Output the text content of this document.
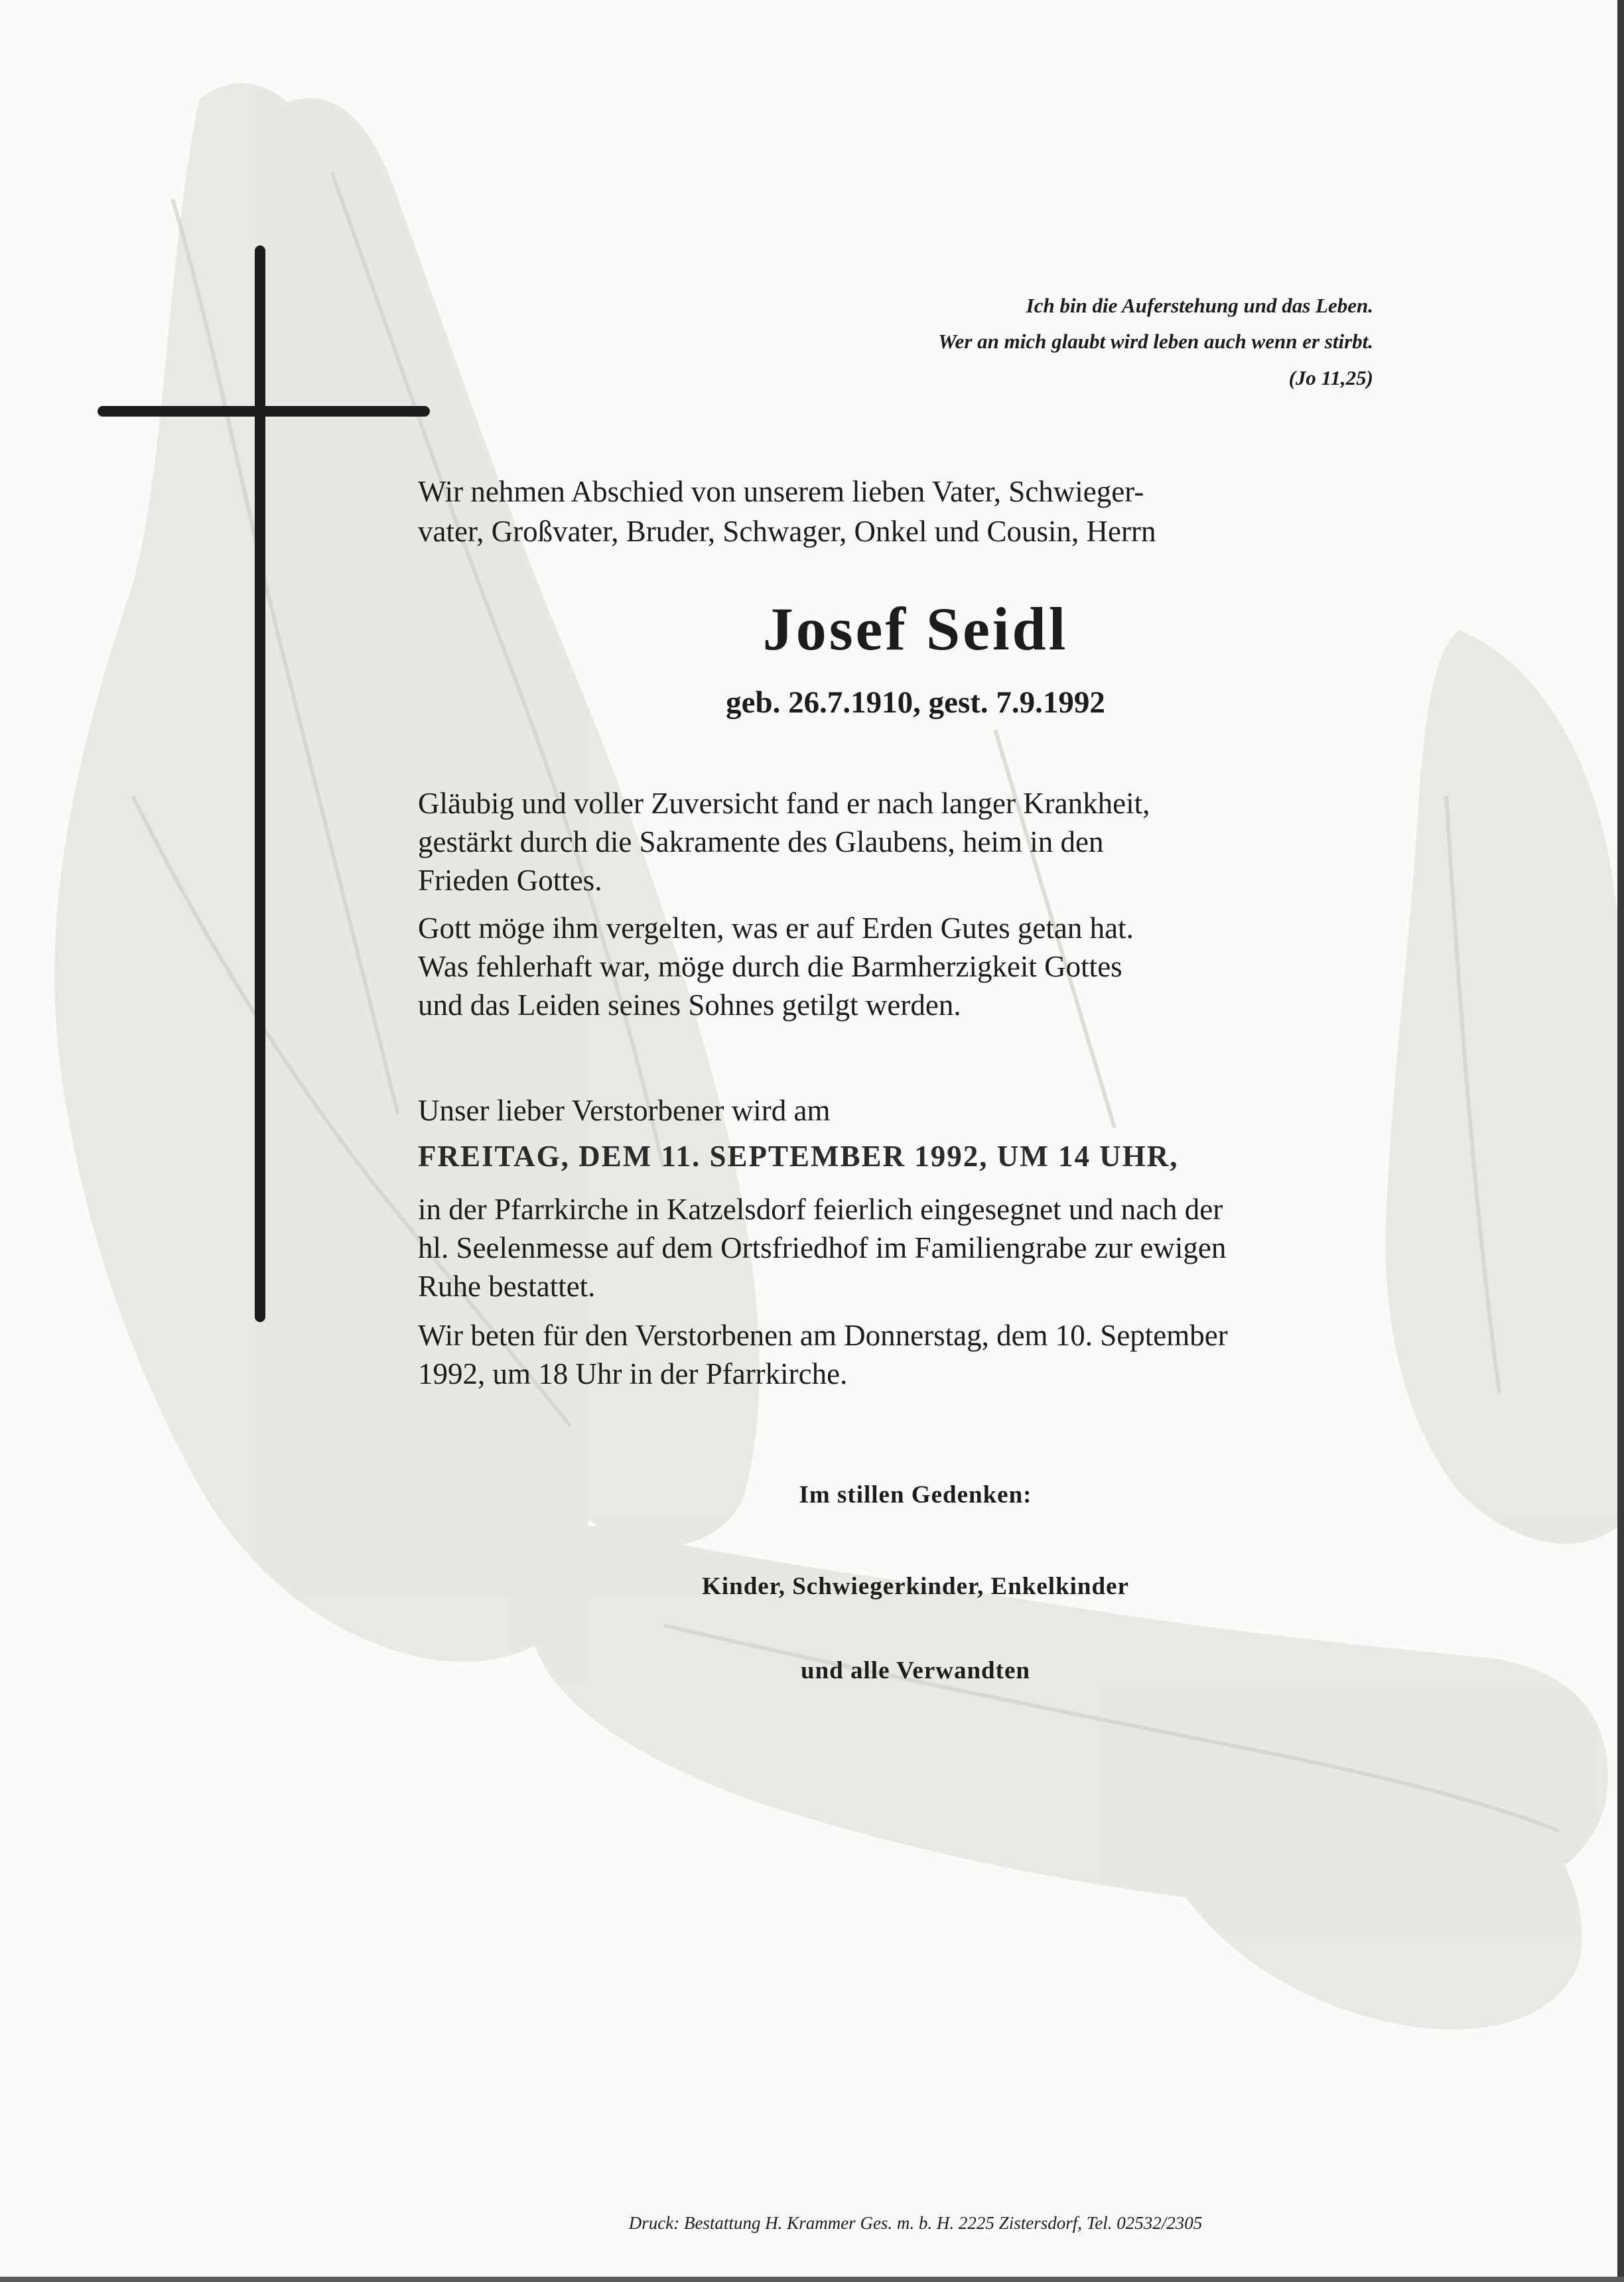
Ich bin die Auferstehung und das Leben.

Wer an mich glaubt wird leben auch wenn er stirbt.

(Jo 11,25)

Wir nehmen Abschied von unserem lieben Vater, Schwieger-

vater, Großvater, Bruder, Schwager, Onkel und Cousin, Herrn

Josef Seidl

geb. 26.7.1910, gest. 7.9.1992

Gläubig und voller Zuversicht fand er nach langer Krankheit,

gestärkt durch die Sakramente des Glaubens, heim in den

Frieden Gottes.

Gott möge ihm vergelten, was er auf Erden Gutes getan hat.

Was fehlerhaft war, möge durch die Barmherzigkeit Gottes

und das Leiden seines Sohnes getilgt werden.

Unser lieber Verstorbener wird am

FREITAG, DEM 11. SEPTEMBER 1992, UM 14 UHR,

in der Pfarrkirche in Katzelsdorf feierlich eingesegnet und nach der

hl. Seelenmesse auf dem Ortsfriedhof im Familiengrabe zur ewigen

Ruhe bestattet.

Wir beten für den Verstorbenen am Donnerstag, dem 10. September

1992, um 18 Uhr in der Pfarrkirche.

Im stillen Gedenken:

Kinder, Schwiegerkinder, Enkelkinder

und alle Verwandten

Druck: Bestattung H. Krammer Ges. m. b. H. 2225 Zistersdorf, Tel. 02532/2305
